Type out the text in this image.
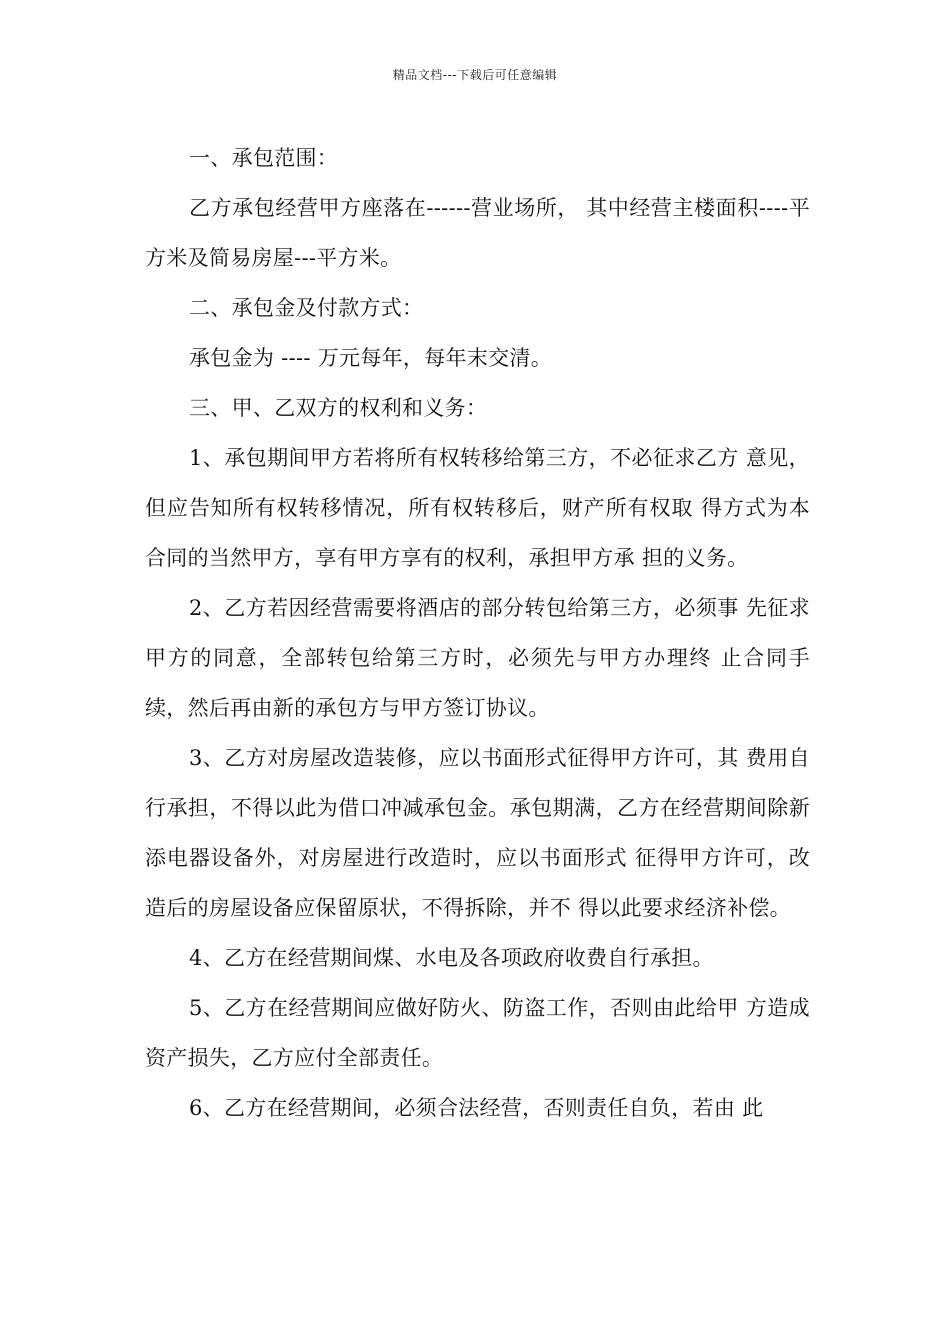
精品文档---下载后可任意编辑

一、承包范围：

乙方承包经营甲方座落在------营业场所， 其中经营主楼面积----平方米及简易房屋---平方米。

二、承包金及付款方式：

承包金为 ---- 万元每年，每年末交清。

三、甲、乙双方的权利和义务：

1、承包期间甲方若将所有权转移给第三方，不必征求乙方 意见，但应告知所有权转移情况，所有权转移后，财产所有权取 得方式为本合同的当然甲方，享有甲方享有的权利，承担甲方承 担的义务。

2、乙方若因经营需要将酒店的部分转包给第三方，必须事 先征求甲方的同意，全部转包给第三方时，必须先与甲方办理终 止合同手续，然后再由新的承包方与甲方签订协议。

3、乙方对房屋改造装修，应以书面形式征得甲方许可，其 费用自行承担，不得以此为借口冲减承包金。承包期满，乙方在经营期间除新添电器设备外，对房屋进行改造时，应以书面形式 征得甲方许可，改造后的房屋设备应保留原状，不得拆除，并不 得以此要求经济补偿。

4、乙方在经营期间煤、水电及各项政府收费自行承担。

5、乙方在经营期间应做好防火、防盗工作，否则由此给甲 方造成资产损失，乙方应付全部责任。

6、乙方在经营期间，必须合法经营，否则责任自负，若由 此
